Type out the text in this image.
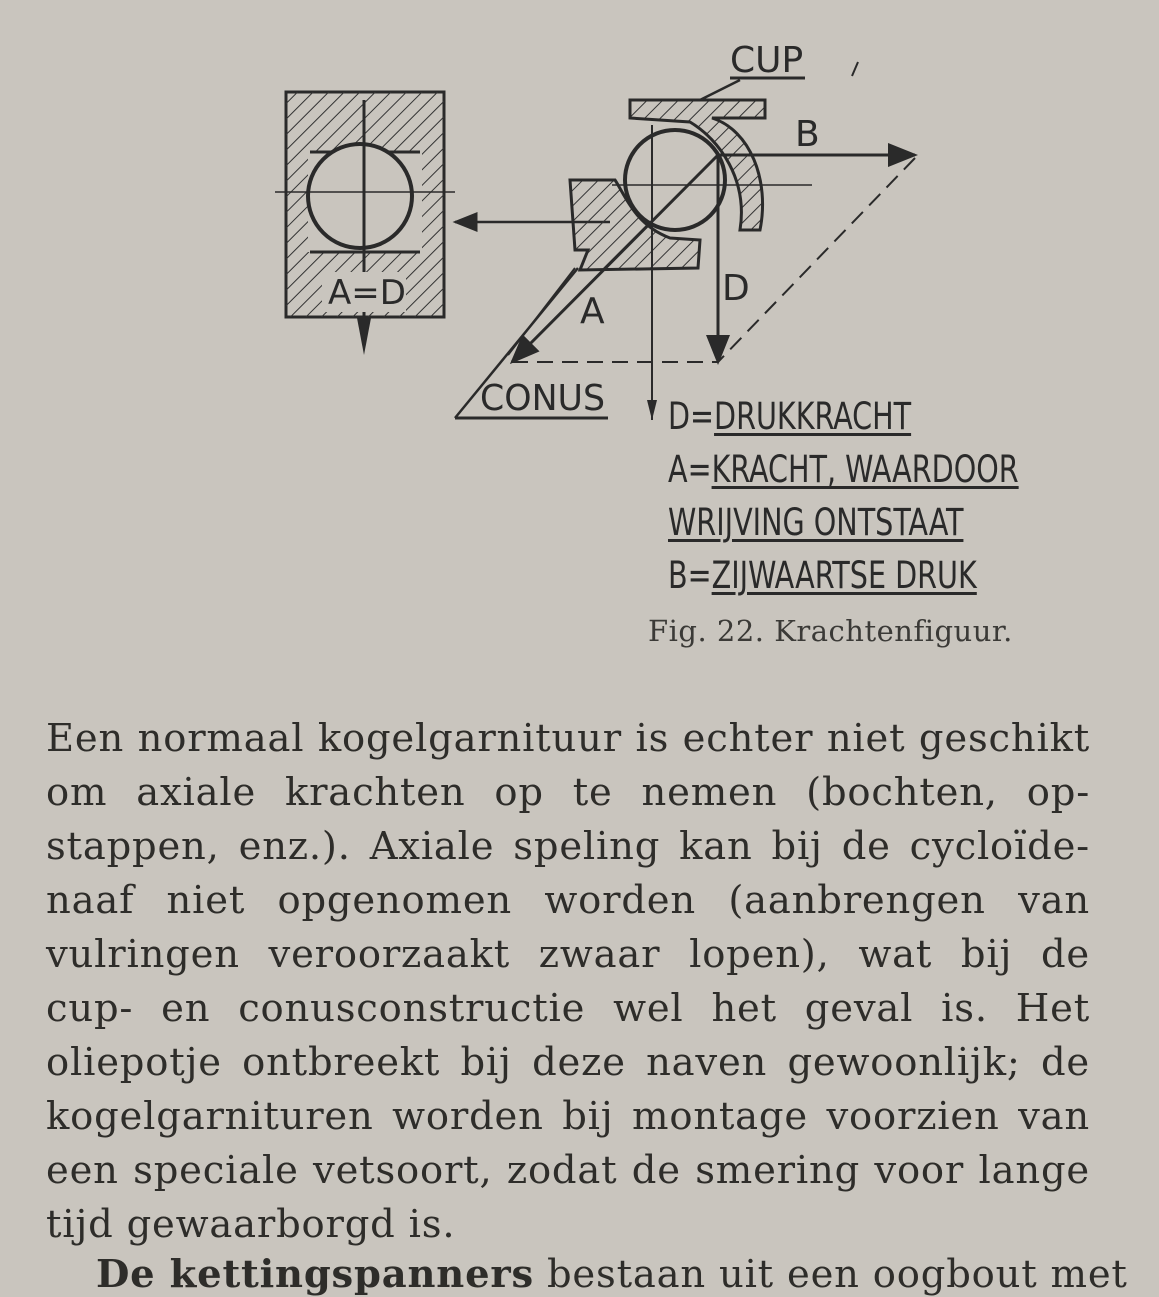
A=D
CUP
B
D
A
CONUS D=DRUKKRACHT
A=KRACHT, WAARDOOR
WRIJVING ONTSTAAT
B=ZIJWAARTSE DRUK
Fig. 22. Krachtenfiguur.

Een normaal kogelgarnituur is echter niet geschikt om axiale krachten op te nemen (bochten, op-stappen, enz.). Axiale speling kan bij de cycloïde-naaf niet opgenomen worden (aanbrengen van vulringen veroorzaakt zwaar lopen), wat bij de cup- en conusconstructie wel het geval is. Het oliepotje ontbreekt bij deze naven gewoonlijk; de kogelgarnituren worden bij montage voorzien van een speciale vetsoort, zodat de smering voor lange tijd gewaarborgd is.

De kettingspanners bestaan uit een oogbout met
